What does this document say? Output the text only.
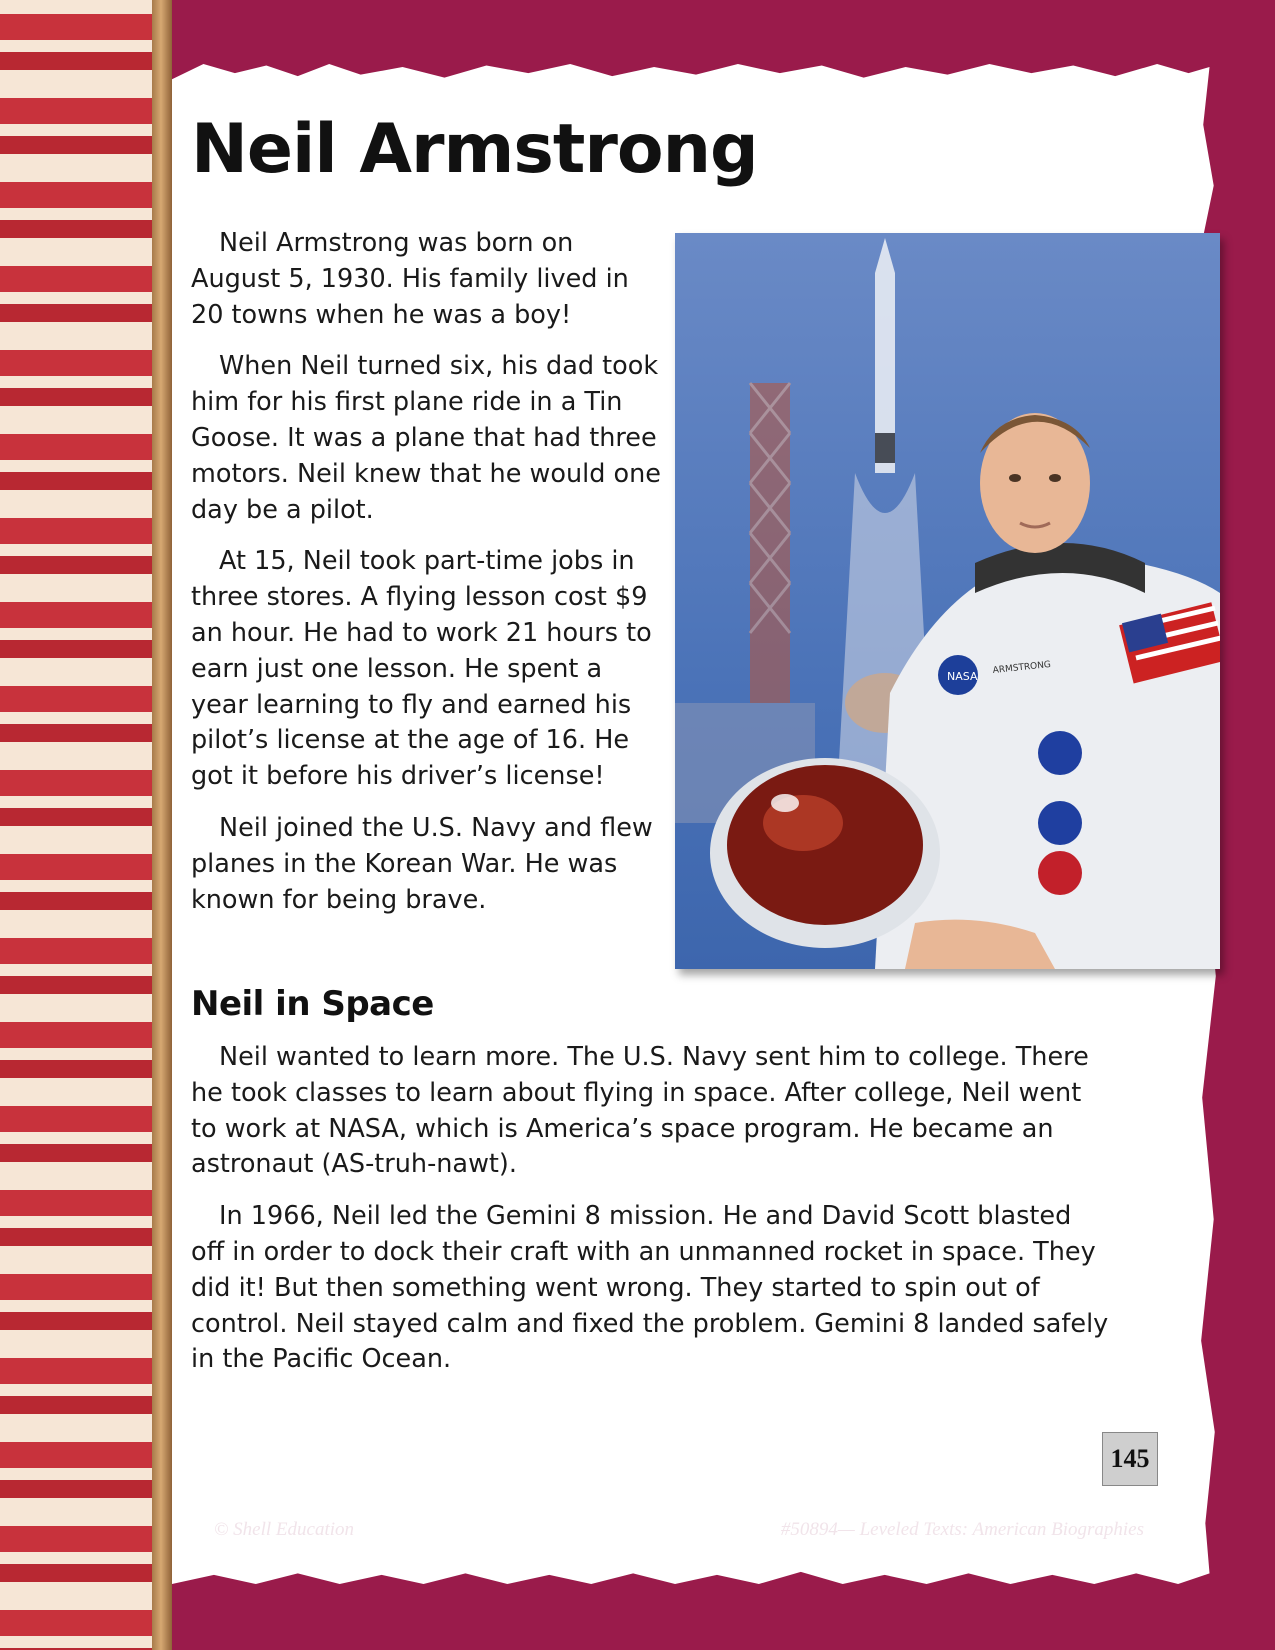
Neil Armstrong

Neil Armstrong was born on August 5, 1930. His family lived in 20 towns when he was a boy!

When Neil turned six, his dad took him for his first plane ride in a Tin Goose. It was a plane that had three motors. Neil knew that he would one day be a pilot.

At 15, Neil took part-time jobs in three stores. A flying lesson cost $9 an hour. He had to work 21 hours to earn just one lesson. He spent a year learning to fly and earned his pilot’s license at the age of 16. He got it before his driver’s license!

Neil joined the U.S. Navy and flew planes in the Korean War. He was known for being brave.

NASA
ARMSTRONG
Neil in Space

Neil wanted to learn more. The U.S. Navy sent him to college. There he took classes to learn about flying in space. After college, Neil went to work at NASA, which is America’s space program. He became an astronaut (AS-truh-nawt).

In 1966, Neil led the Gemini 8 mission. He and David Scott blasted off in order to dock their craft with an unmanned rocket in space. They did it! But then something went wrong. They started to spin out of control. Neil stayed calm and fixed the problem. Gemini 8 landed safely in the Pacific Ocean.

145
© Shell Education	#50894— Leveled Texts: American Biographies
